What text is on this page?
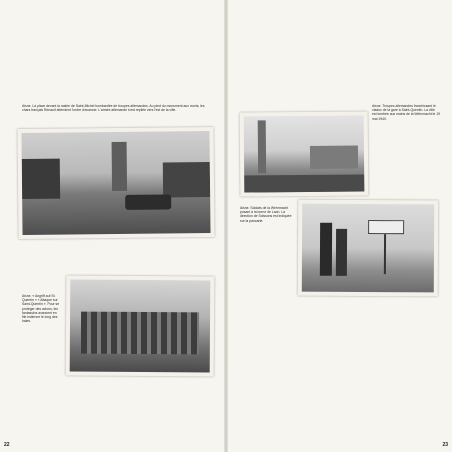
Aisne. La place devant la mairie de Saint-Michel bombardée de troupes allemandes. Au pied du monument aux morts, les chars français Renault attendent l'ordre d'avancer. L'armée allemande s'est repliée vers l'est de la ville.
Aisne. « Angriff auf St. Quentin » « Attaque sur Saint-Quentin ». Pour se protéger des avions, les fantassins avancent en file indienne le long des haies.
22
Aisne. Troupes allemandes franchissant le viaduc de la gare à Saint-Quentin. La ville est tombée aux mains de la Wehrmacht le 19 mai 1940.
Aisne. Soldats de la Wehrmacht posant à la borne de Laon. La direction de Soissons est indiquée sur la pancarte.
23
